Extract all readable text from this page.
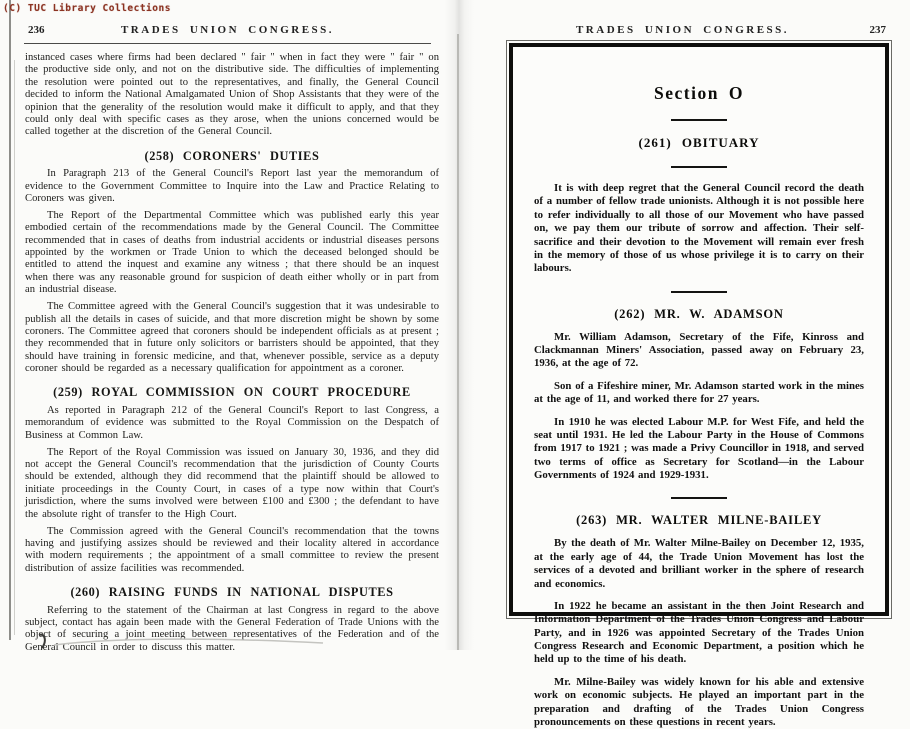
(C) TUC Library Collections
236	TRADES UNION CONGRESS.

instanced cases where firms had been declared " fair " when in fact they were " fair " on the productive side only, and not on the distributive side. The difficulties of implementing the resolution were pointed out to the representatives, and finally, the General Council decided to inform the National Amalgamated Union of Shop Assistants that they were of the opinion that the generality of the resolution would make it difficult to apply, and that they could only deal with specific cases as they arose, when the unions concerned would be called together at the discretion of the General Council.

(258) CORONERS' DUTIES

In Paragraph 213 of the General Council's Report last year the memorandum of evidence to the Government Committee to Inquire into the Law and Practice Relating to Coroners was given.

The Report of the Departmental Committee which was published early this year embodied certain of the recommendations made by the General Council. The Committee recommended that in cases of deaths from industrial accidents or industrial diseases persons appointed by the workmen or Trade Union to which the deceased belonged should be entitled to attend the inquest and examine any witness ; that there should be an inquest when there was any reasonable ground for suspicion of death either wholly or in part from an industrial disease.

The Committee agreed with the General Council's suggestion that it was undesirable to publish all the details in cases of suicide, and that more discretion might be shown by some coroners. The Committee agreed that coroners should be independent officials as at present ; they recommended that in future only solicitors or barristers should be appointed, that they should have training in forensic medicine, and that, whenever possible, service as a deputy coroner should be regarded as a necessary qualification for appointment as a coroner.

(259) ROYAL COMMISSION ON COURT PROCEDURE

As reported in Paragraph 212 of the General Council's Report to last Congress, a memorandum of evidence was submitted to the Royal Commission on the Despatch of Business at Common Law.

The Report of the Royal Commission was issued on January 30, 1936, and they did not accept the General Council's recommendation that the jurisdiction of County Courts should be extended, although they did recommend that the plaintiff should be allowed to initiate proceedings in the County Court, in cases of a type now within that Court's jurisdiction, where the sums involved were between £100 and £300 ; the defendant to have the absolute right of transfer to the High Court.

The Commission agreed with the General Council's recommendation that the towns having and justifying assizes should be reviewed and their locality altered in accordance with modern requirements ; the appointment of a small committee to review the present distribution of assize facilities was recommended.

(260) RAISING FUNDS IN NATIONAL DISPUTES

Referring to the statement of the Chairman at last Congress in regard to the above subject, contact has again been made with the General Federation of Trade Unions with the object of securing a joint meeting between representatives of the Federation and of the General Council in order to discuss this matter.

TRADES UNION CONGRESS.	237
Section O
(261) OBITUARY

It is with deep regret that the General Council record the death of a number of fellow trade unionists. Although it is not possible here to refer individually to all those of our Movement who have passed on, we pay them our tribute of sorrow and affection. Their self-sacrifice and their devotion to the Movement will remain ever fresh in the memory of those of us whose privilege it is to carry on their labours.

(262) MR. W. ADAMSON

Mr. William Adamson, Secretary of the Fife, Kinross and Clackmannan Miners' Association, passed away on February 23, 1936, at the age of 72.

Son of a Fifeshire miner, Mr. Adamson started work in the mines at the age of 11, and worked there for 27 years.

In 1910 he was elected Labour M.P. for West Fife, and held the seat until 1931. He led the Labour Party in the House of Commons from 1917 to 1921 ; was made a Privy Councillor in 1918, and served two terms of office as Secretary for Scotland—in the Labour Governments of 1924 and 1929-1931.

(263) MR. WALTER MILNE-BAILEY

By the death of Mr. Walter Milne-Bailey on December 12, 1935, at the early age of 44, the Trade Union Movement has lost the services of a devoted and brilliant worker in the sphere of research and economics.

In 1922 he became an assistant in the then Joint Research and Information Department of the Trades Union Congress and Labour Party, and in 1926 was appointed Secretary of the Trades Union Congress Research and Economic Department, a position which he held up to the time of his death.

Mr. Milne-Bailey was widely known for his able and extensive work on economic subjects. He played an important part in the preparation and drafting of the Trades Union Congress pronouncements on these questions in recent years.
